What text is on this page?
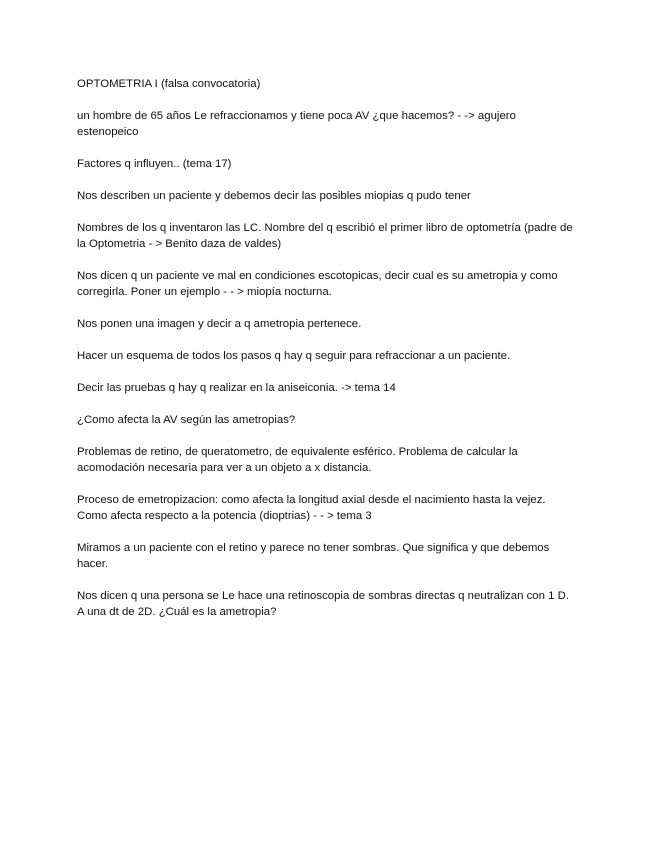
OPTOMETRIA I (falsa convocatoria)

un hombre de 65 años Le refraccionamos y tiene poca AV ¿que hacemos? - -> agujero estenopeico

Factores q influyen.. (tema 17)

Nos describen un paciente y debemos decir las posibles miopias q pudo tener

Nombres de los q inventaron las LC. Nombre del q escribió el primer libro de optometría (padre de la Optometria - > Benito daza de valdes)

Nos dicen q un paciente ve mal en condiciones escotopicas, decir cual es su ametropia y como corregirla. Poner un ejemplo - - > miopía nocturna.

Nos ponen una imagen y decir a q ametropia pertenece.

Hacer un esquema de todos los pasos q hay q seguir para refraccionar a un paciente.

Decir las pruebas q hay q realizar en la aniseiconia. -> tema 14

¿Como afecta la AV según las ametropias?

Problemas de retino, de queratometro, de equivalente esférico. Problema de calcular la acomodación necesaria para ver a un objeto a x distancia.

Proceso de emetropizacion: como afecta la longitud axial desde el nacimiento hasta la vejez. Como afecta respecto a la potencia (dioptrias) - - > tema 3

Miramos a un paciente con el retino y parece no tener sombras. Que significa y que debemos hacer.

Nos dicen q una persona se Le hace una retinoscopia de sombras directas q neutralizan con 1 D. A una dt de 2D. ¿Cuál es la ametropia?
